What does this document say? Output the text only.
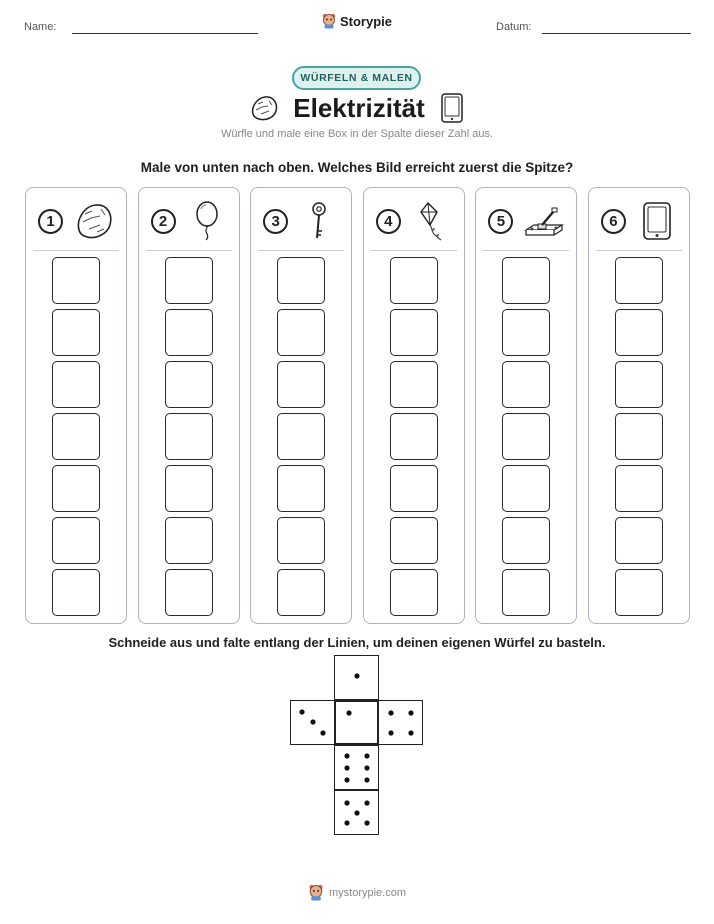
Name:	Storypie	Datum:
WÜRFELN & MALEN
Elektrizität
Würfle und male eine Box in der Spalte dieser Zahl aus.
Male von unten nach oben. Welches Bild erreicht zuerst die Spitze?
1	2	3	4	5	6
Schneide aus und falte entlang der Linien, um deinen eigenen Würfel zu basteln.
mystorypie.com
